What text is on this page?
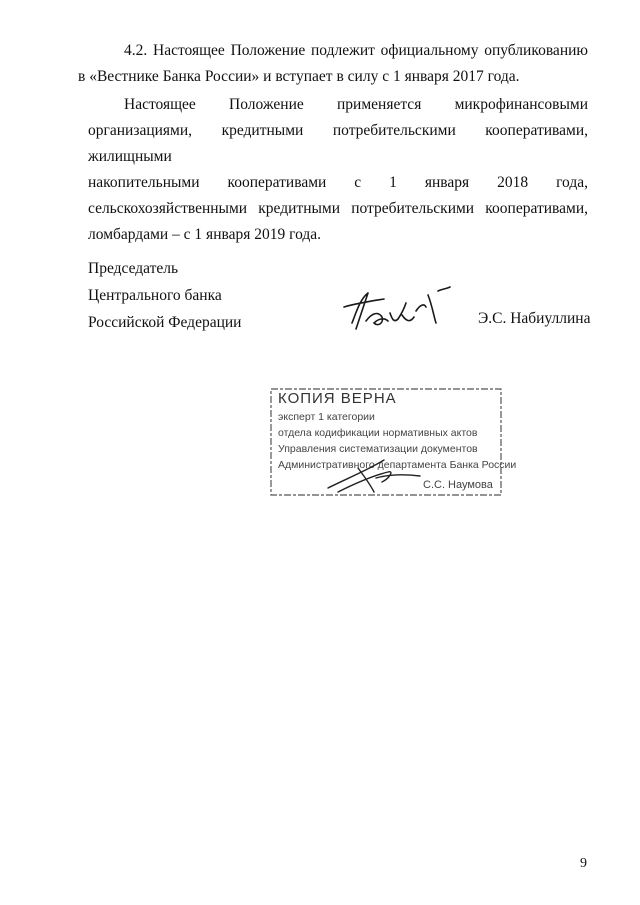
4.2. Настоящее Положение подлежит официальному опубликованию
в «Вестнике Банка России» и вступает в силу с 1 января 2017 года.
Настоящее Положение применяется микрофинансовыми
организациями, кредитными потребительскими кооперативами, жилищными
накопительными кооперативами с 1 января 2018 года,
сельскохозяйственными кредитными потребительскими кооперативами,
ломбардами – с 1 января 2019 года.
Председатель
Центрального банка
Российской Федерации	Э.С. Набиуллина
КОПИЯ ВЕРНА
эксперт 1 категории
отдела кодификации нормативных актов
Управления систематизации документов
Административного департамента Банка России
С.С. Наумова
9
